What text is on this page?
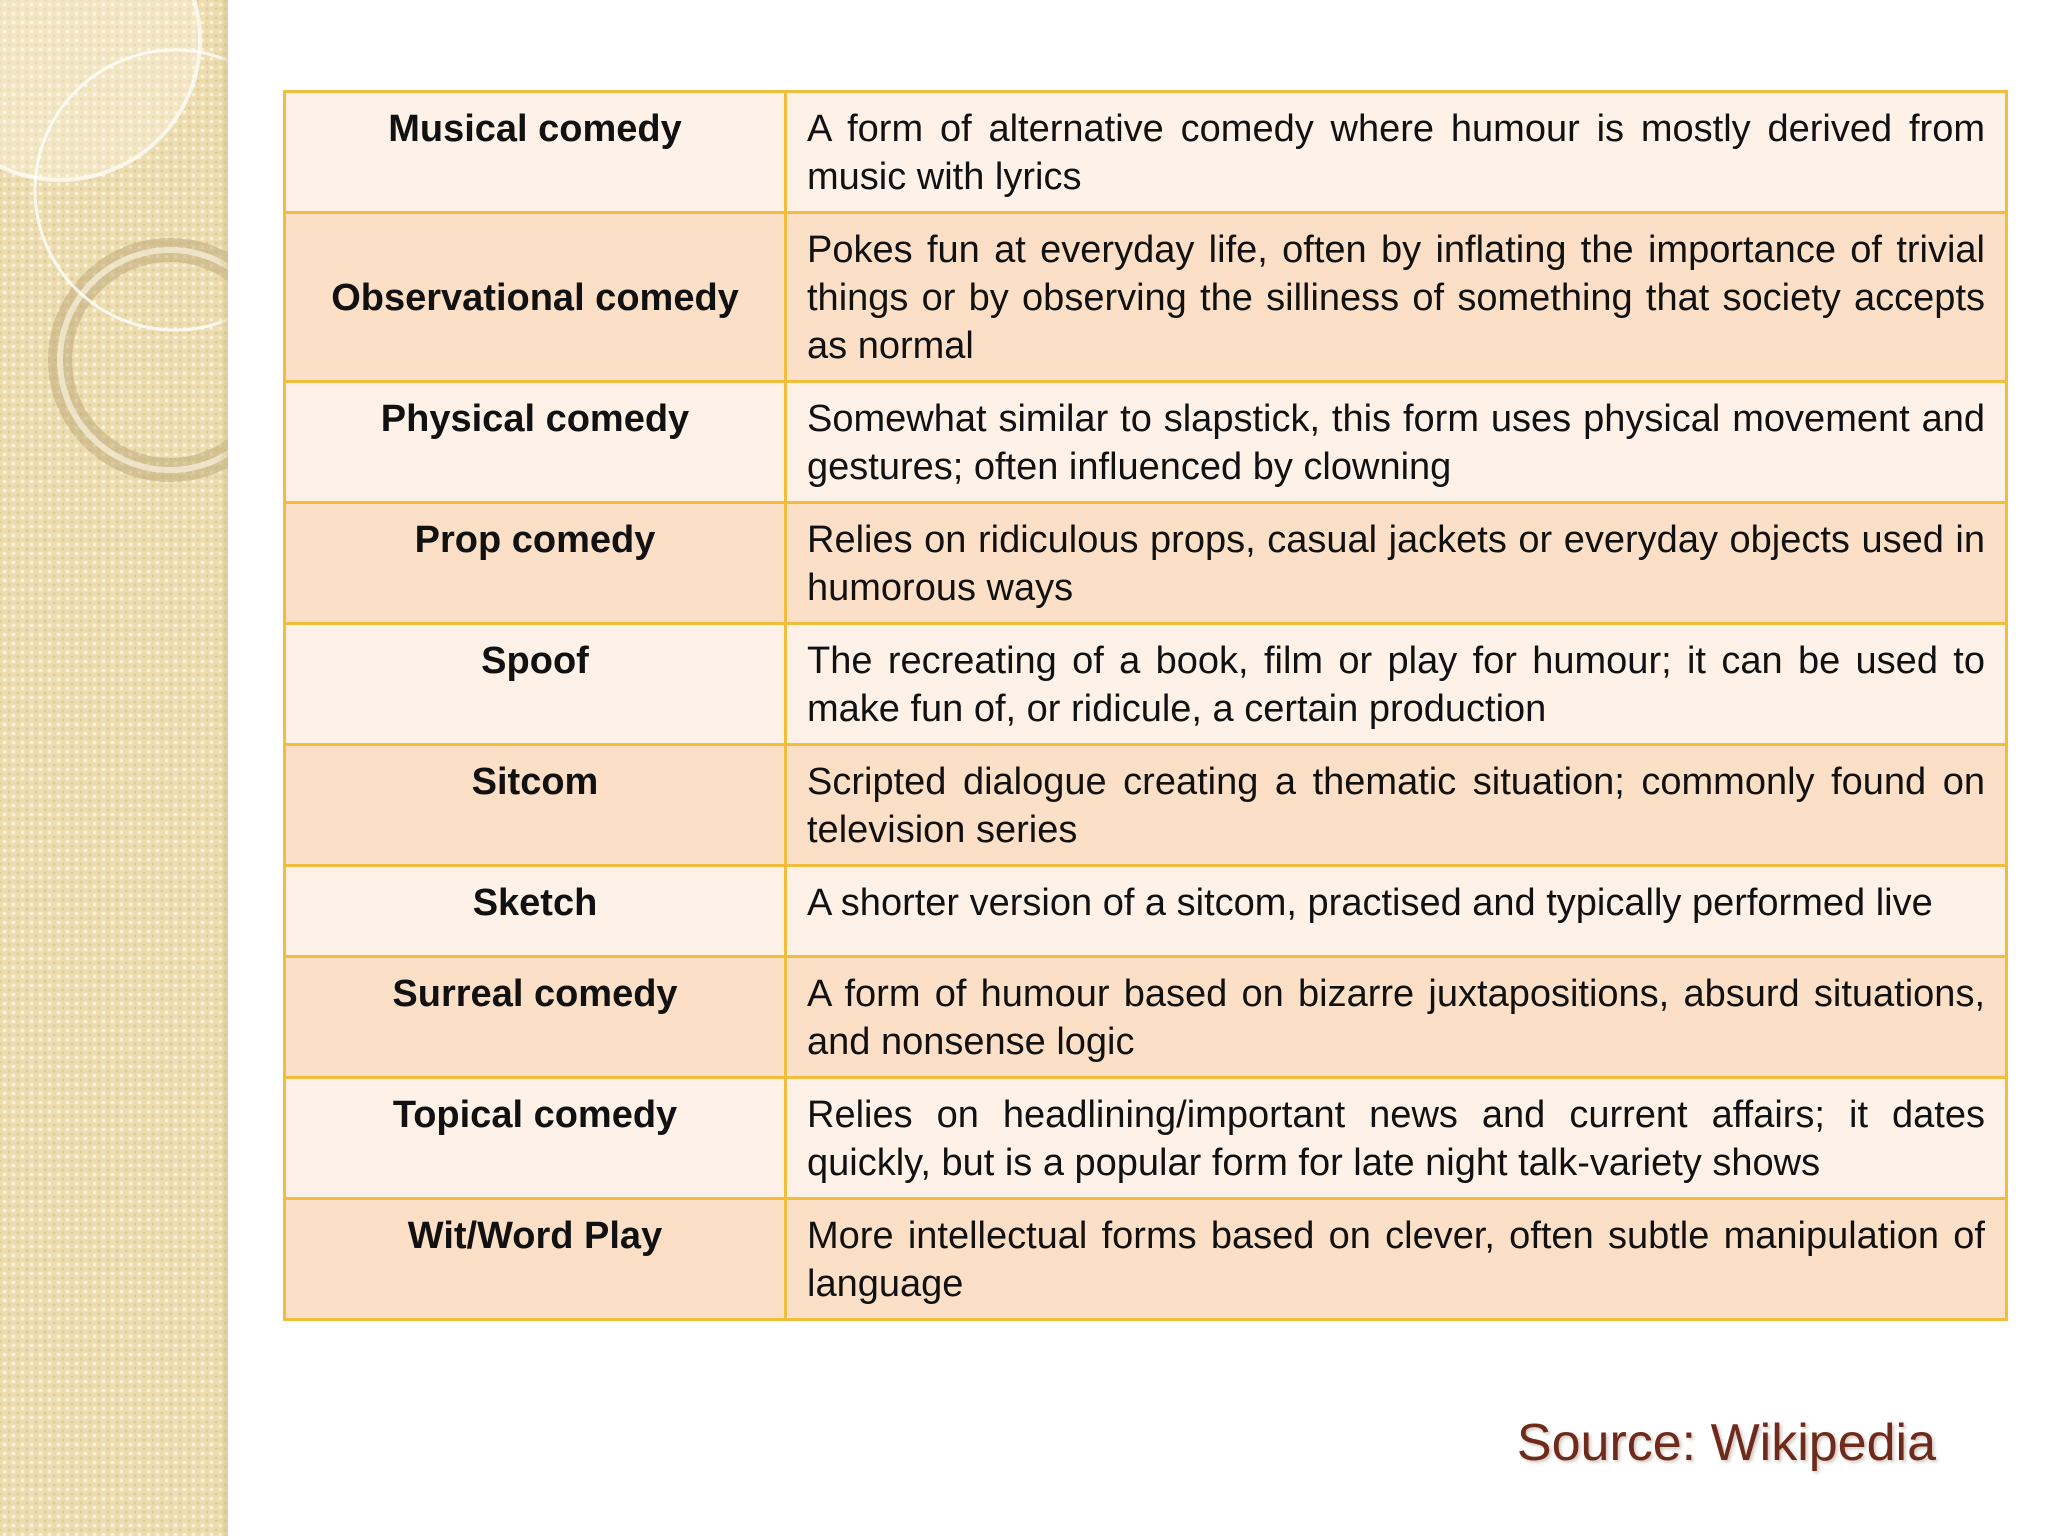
Musical comedy	A form of alternative comedy where humour is mostly derived from music with lyrics
Observational comedy	Pokes fun at everyday life, often by inflating the importance of trivial things or by observing the silliness of something that society accepts as normal
Physical comedy	Somewhat similar to slapstick, this form uses physical movement and gestures; often influenced by clowning
Prop comedy	Relies on ridiculous props, casual jackets or everyday objects used in humorous ways
Spoof	The recreating of a book, film or play for humour; it can be used to make fun of, or ridicule, a certain production
Sitcom	Scripted dialogue creating a thematic situation; commonly found on television series
Sketch	A shorter version of a sitcom, practised and typically performed live
Surreal comedy	A form of humour based on bizarre juxtapositions, absurd situations, and nonsense logic
Topical comedy	Relies on headlining/important news and current affairs; it dates quickly, but is a popular form for late night talk-variety shows
Wit/Word Play	More intellectual forms based on clever, often subtle manipulation of language
Source: Wikipedia
